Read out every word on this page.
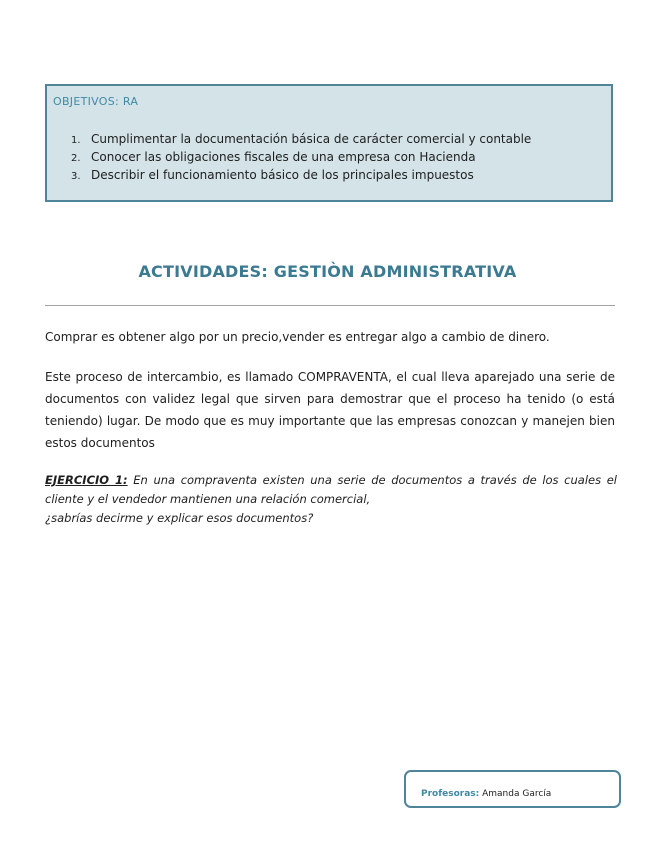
OBJETIVOS: RA
1. Cumplimentar la documentación básica de carácter comercial y contable
2. Conocer las obligaciones fiscales de una empresa con Hacienda
3. Describir el funcionamiento básico de los principales impuestos
ACTIVIDADES: GESTIÒN ADMINISTRATIVA

Comprar es obtener algo por un precio,vender es entregar algo a cambio de dinero.

Este proceso de intercambio, es llamado COMPRAVENTA, el cual lleva aparejado una serie de documentos con validez legal que sirven para demostrar que el proceso ha tenido (o está teniendo) lugar. De modo que es muy importante que las empresas conozcan y manejen bien estos documentos

EJERCICIO 1: En una compraventa existen una serie de documentos a través de los cuales el cliente y el vendedor mantienen una relación comercial,
¿sabrías decirme y explicar esos documentos?

Profesoras: Amanda García
